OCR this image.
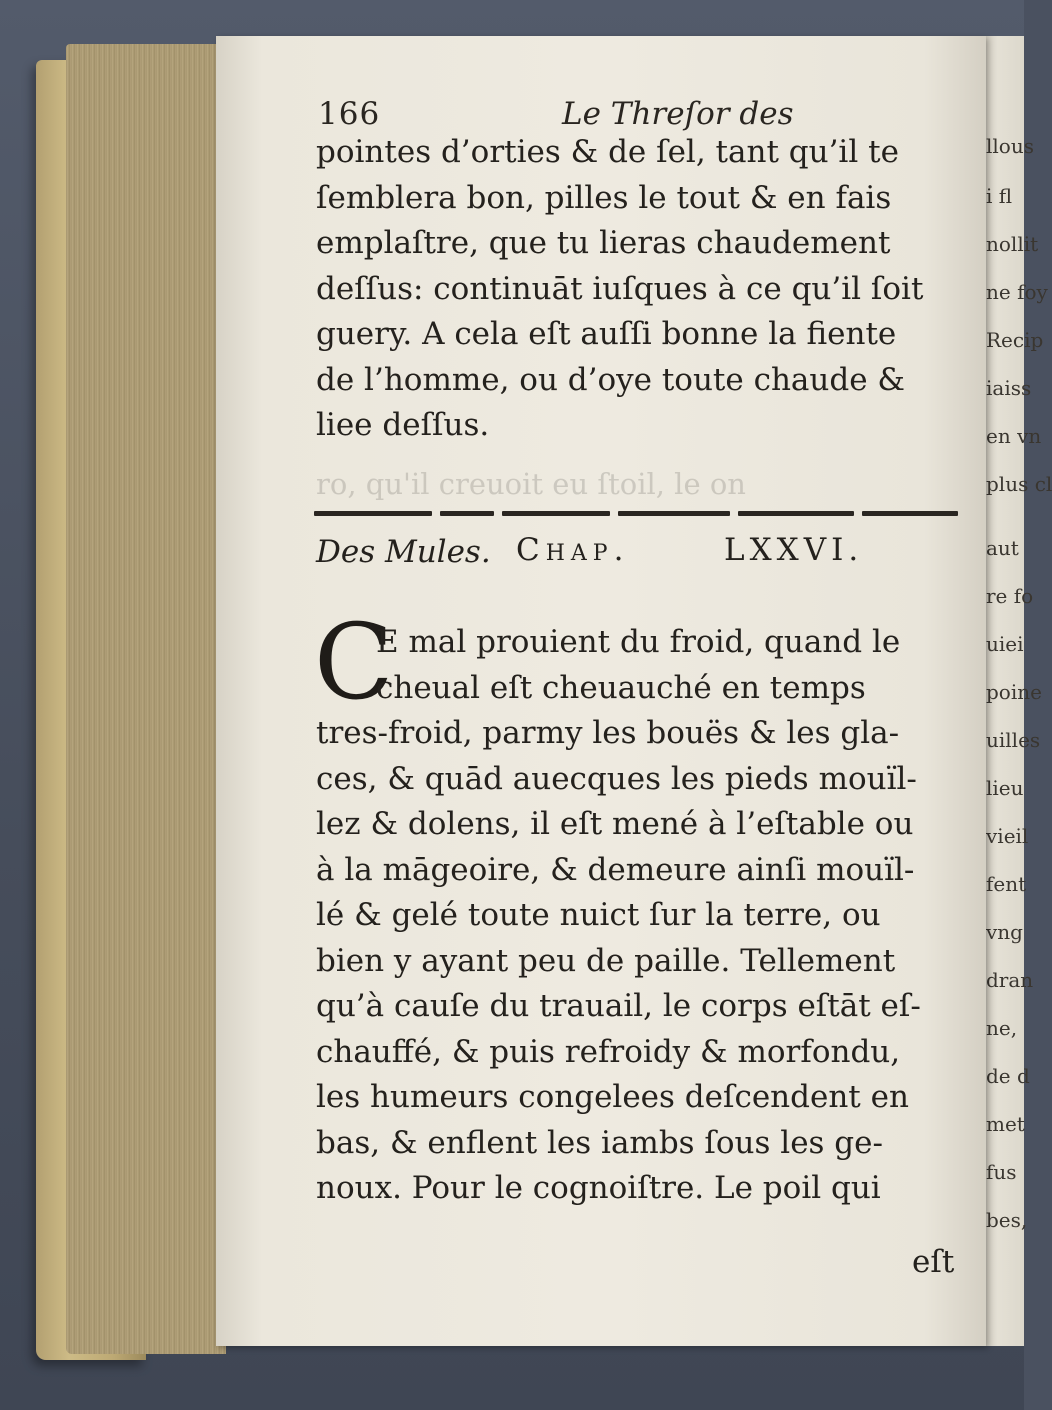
llous
i fl
nollit
ne foy
Recip
iaiss
en vn
plus cl
aut
re fo
uiei
poine
uilles
lieu
vieil
fent
vng
dran
ne,
de d
met
fus
bes,
166	Le Threſor des
pointes d’orties & de ſel, tant qu’il te
ſemblera bon, pilles le tout & en fais
emplaſtre, que tu lieras chaudement
deſſus: continuāt iuſques à ce qu’il ſoit
guery. A cela eſt auſſi bonne la fiente
de l’homme, ou d’oye toute chaude &
liee deſſus.
ro, qu'il creuoit eu ſtoil, le on
Des Mules. Chap.	LXXVI.
C
E mal prouient du froid, quand le
cheual eſt cheuauché en temps
tres-froid, parmy les bouës & les gla-
ces, & quād auecques les pieds mouïl-
lez & dolens, il eſt mené à l’eſtable ou
à la māgeoire, & demeure ainſi mouïl-
lé & gelé toute nuict ſur la terre, ou
bien y ayant peu de paille. Tellement
qu’à cauſe du trauail, le corps eſtāt eſ-
chauffé, & puis refroidy & morfondu,
les humeurs congelees deſcendent en
bas, & enflent les iambs ſous les ge-
noux. Pour le cognoiſtre. Le poil qui
eſt
